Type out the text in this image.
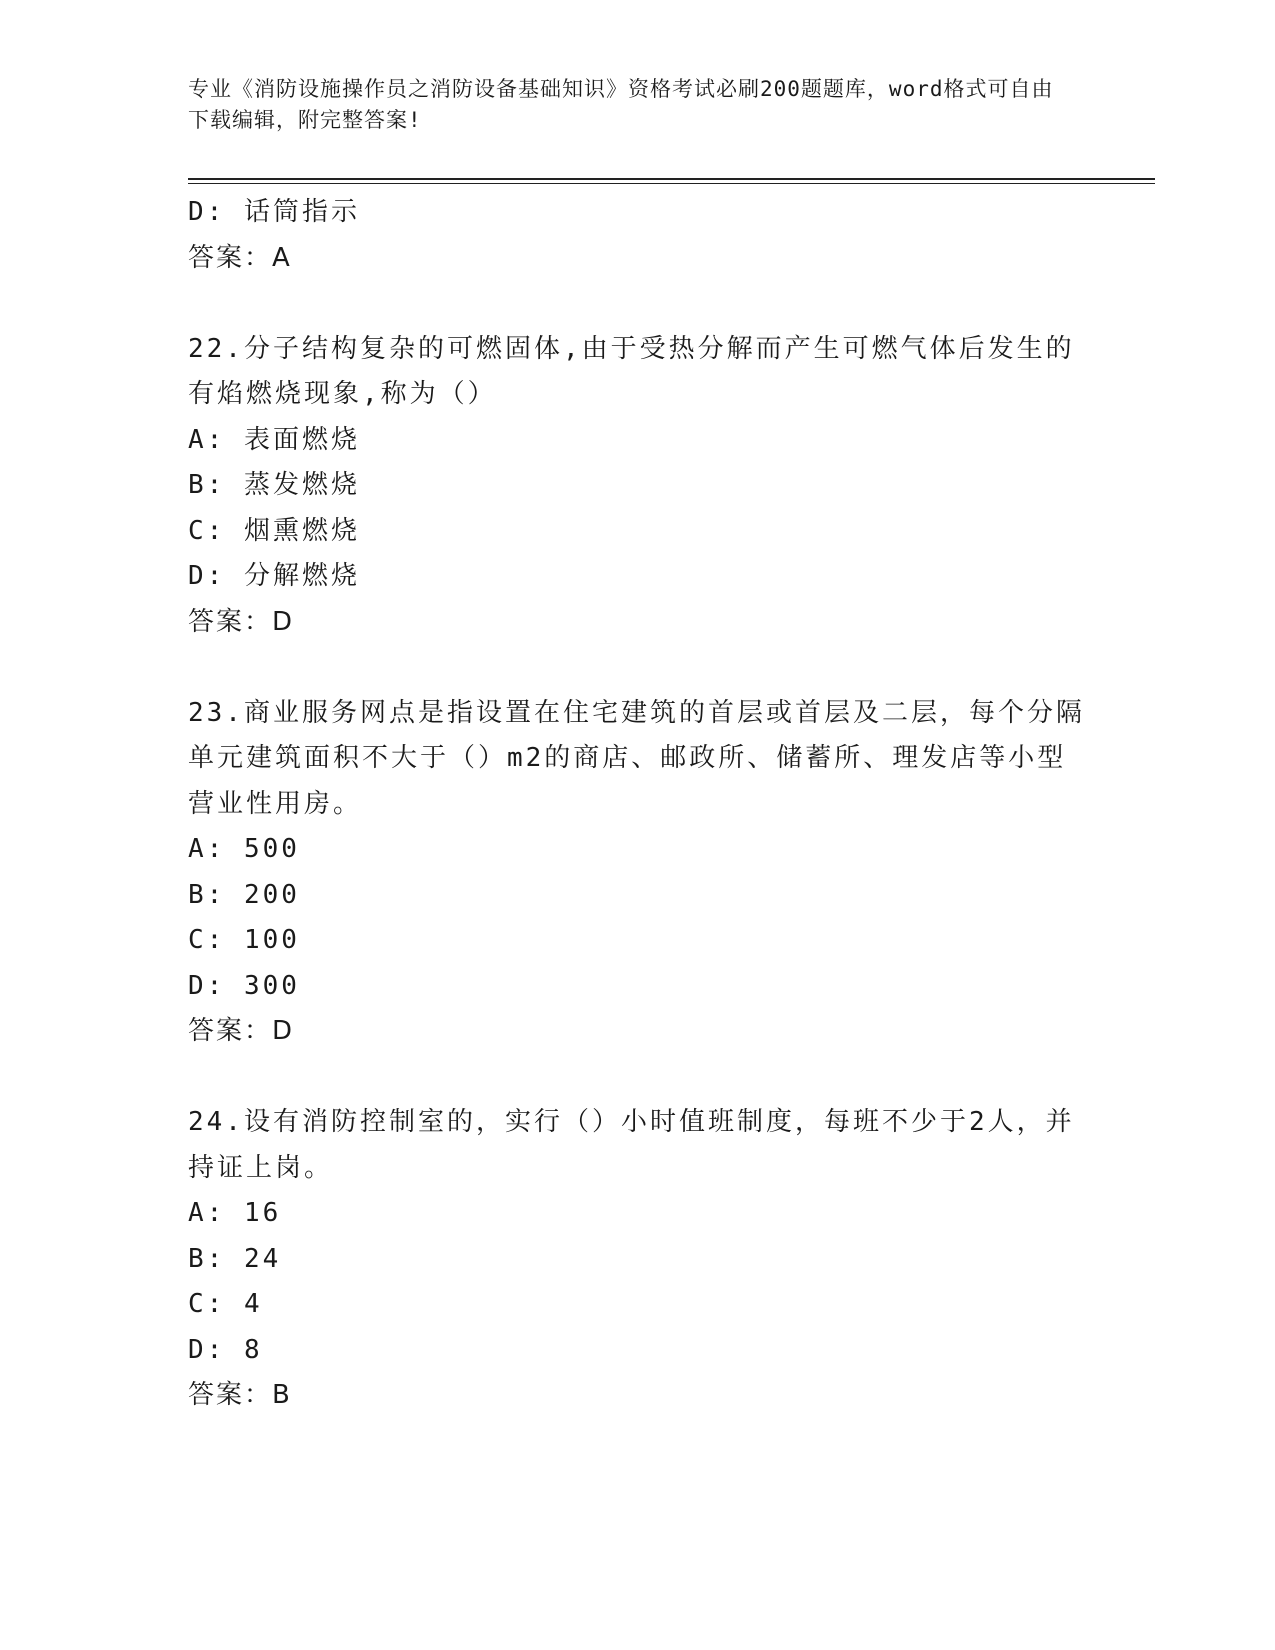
专业《消防设施操作员之消防设备基础知识》资格考试必刷200题题库，word格式可自由下载编辑，附完整答案!

D: 话筒指示
答案：A
22.分子结构复杂的可燃固体,由于受热分解而产生可燃气体后发生的
有焰燃烧现象,称为（）
A: 表面燃烧
B: 蒸发燃烧
C: 烟熏燃烧
D: 分解燃烧
答案：D
23.商业服务网点是指设置在住宅建筑的首层或首层及二层，每个分隔
单元建筑面积不大于（）m2的商店、邮政所、储蓄所、理发店等小型
营业性用房。
A: 500
B: 200
C: 100
D: 300
答案：D
24.设有消防控制室的，实行（）小时值班制度，每班不少于2人，并
持证上岗。
A: 16
B: 24
C: 4
D: 8
答案：B
